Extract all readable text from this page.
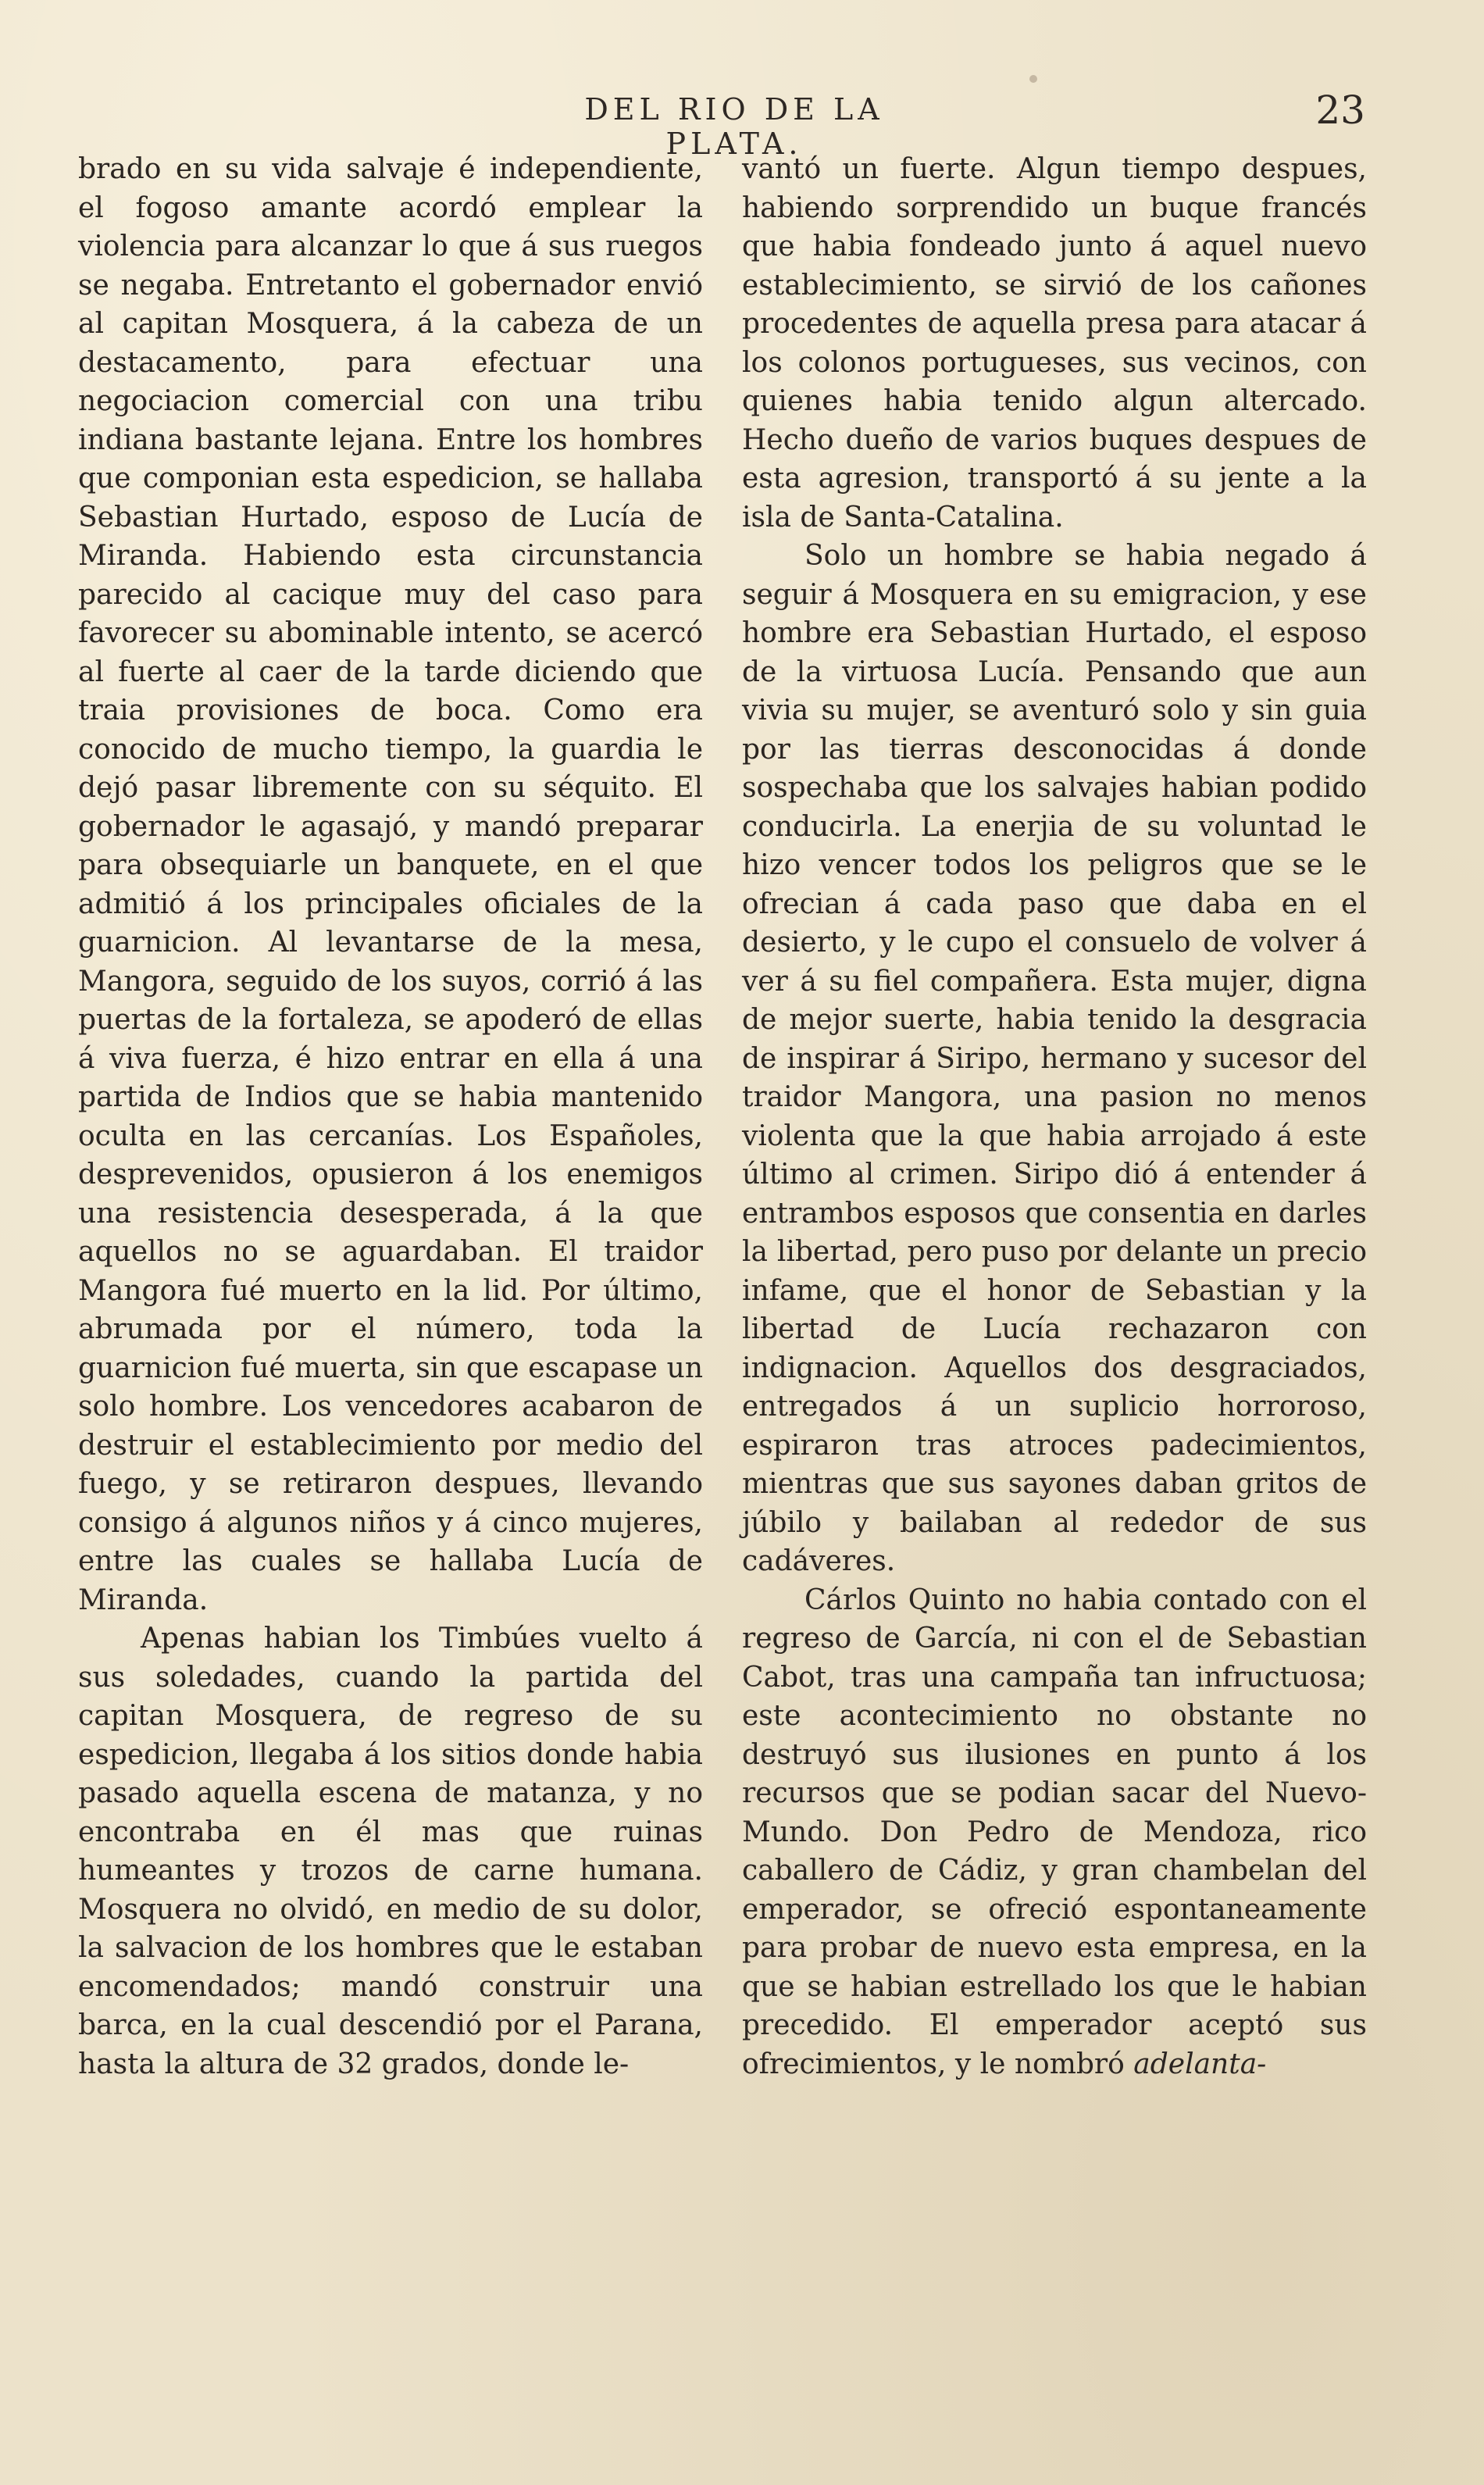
DEL RIO DE LA PLATA.
23

brado en su vida salvaje é independiente, el fogoso amante acordó emplear la violencia para alcanzar lo que á sus ruegos se negaba. Entretanto el gobernador envió al capitan Mosquera, á la cabeza de un destacamento, para efectuar una negociacion comercial con una tribu indiana bastante lejana. Entre los hombres que componian esta espedicion, se hallaba Sebastian Hurtado, esposo de Lucía de Miranda. Habiendo esta circunstancia parecido al cacique muy del caso para favorecer su abominable intento, se acercó al fuerte al caer de la tarde diciendo que traia provisiones de boca. Como era conocido de mucho tiempo, la guardia le dejó pasar libremente con su séquito. El gobernador le agasajó, y mandó preparar para obsequiarle un banquete, en el que admitió á los principales oficiales de la guarnicion. Al levantarse de la mesa, Mangora, seguido de los suyos, corrió á las puertas de la fortaleza, se apoderó de ellas á viva fuerza, é hizo entrar en ella á una partida de Indios que se habia mantenido oculta en las cercanías. Los Españoles, desprevenidos, opusieron á los enemigos una resistencia desesperada, á la que aquellos no se aguardaban. El traidor Mangora fué muerto en la lid. Por último, abrumada por el número, toda la guarnicion fué muerta, sin que escapase un solo hombre. Los vencedores acabaron de destruir el establecimiento por medio del fuego, y se retiraron despues, llevando consigo á algunos niños y á cinco mujeres, entre las cuales se hallaba Lucía de Miranda.

Apenas habian los Timbúes vuelto á sus soledades, cuando la partida del capitan Mosquera, de regreso de su espedicion, llegaba á los sitios donde habia pasado aquella escena de matanza, y no encontraba en él mas que ruinas humeantes y trozos de carne humana. Mosquera no olvidó, en medio de su dolor, la salvacion de los hombres que le estaban encomendados; mandó construir una barca, en la cual descendió por el Parana, hasta la altura de 32 grados, donde le-

vantó un fuerte. Algun tiempo despues, habiendo sorprendido un buque francés que habia fondeado junto á aquel nuevo establecimiento, se sirvió de los cañones procedentes de aquella presa para atacar á los colonos portugueses, sus vecinos, con quienes habia tenido algun altercado. Hecho dueño de varios buques despues de esta agresion, transportó á su jente a la isla de Santa-Catalina.

Solo un hombre se habia negado á seguir á Mosquera en su emigracion, y ese hombre era Sebastian Hurtado, el esposo de la virtuosa Lucía. Pensando que aun vivia su mujer, se aventuró solo y sin guia por las tierras desconocidas á donde sospechaba que los salvajes habian podido conducirla. La enerjia de su voluntad le hizo vencer todos los peligros que se le ofrecian á cada paso que daba en el desierto, y le cupo el consuelo de volver á ver á su fiel compañera. Esta mujer, digna de mejor suerte, habia tenido la desgracia de inspirar á Siripo, hermano y sucesor del traidor Mangora, una pasion no menos violenta que la que habia arrojado á este último al crimen. Siripo dió á entender á entrambos esposos que consentia en darles la libertad, pero puso por delante un precio infame, que el honor de Sebastian y la libertad de Lucía rechazaron con indignacion. Aquellos dos desgraciados, entregados á un suplicio horroroso, espiraron tras atroces padecimientos, mientras que sus sayones daban gritos de júbilo y bailaban al rededor de sus cadáveres.

Cárlos Quinto no habia contado con el regreso de García, ni con el de Sebastian Cabot, tras una campaña tan infructuosa; este acontecimiento no obstante no destruyó sus ilusiones en punto á los recursos que se podian sacar del Nuevo-Mundo. Don Pedro de Mendoza, rico caballero de Cádiz, y gran chambelan del emperador, se ofreció espontaneamente para probar de nuevo esta empresa, en la que se habian estrellado los que le habian precedido. El emperador aceptó sus ofrecimientos, y le nombró adelanta-
